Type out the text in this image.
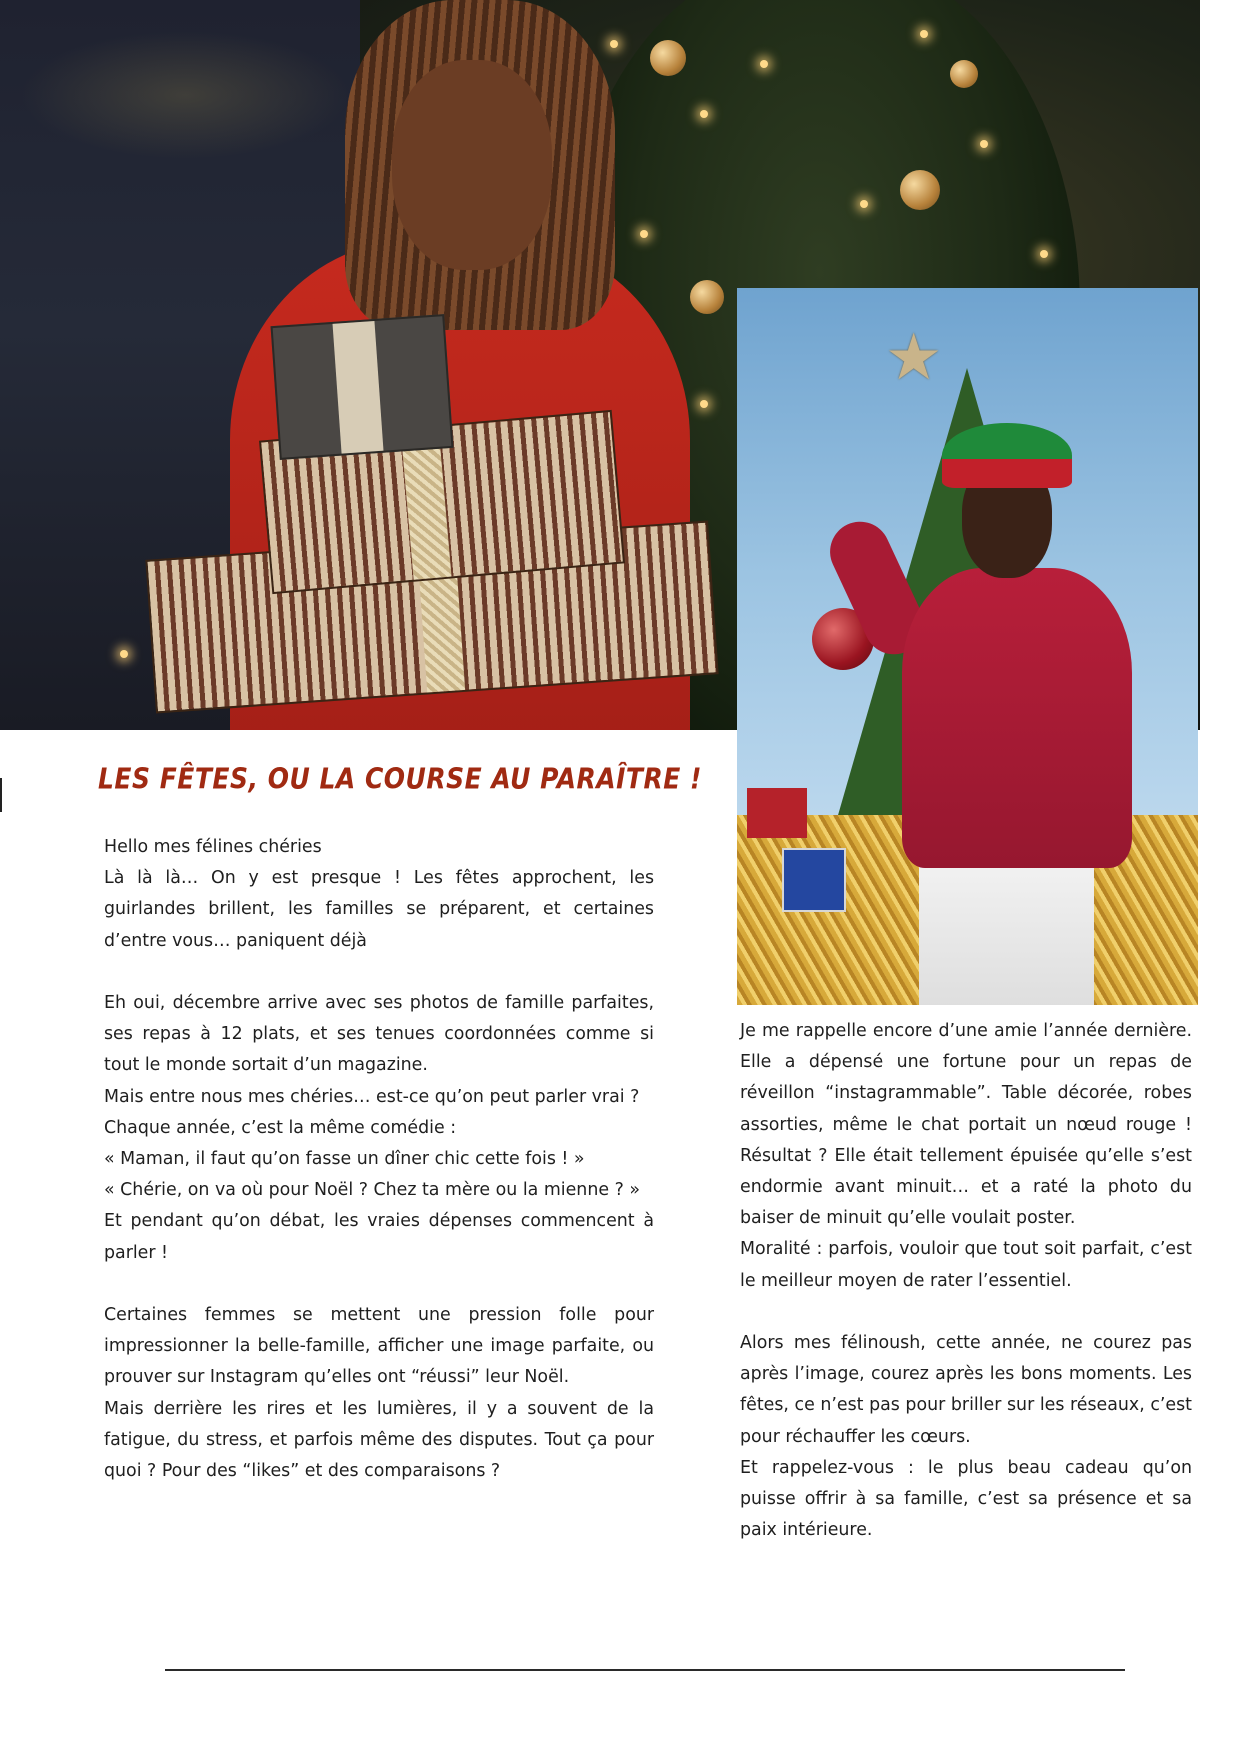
★
LES FÊTES, OU LA COURSE AU PARAÎTRE !

Hello mes félines chéries

Là là là… On y est presque ! Les fêtes approchent, les guirlandes brillent, les familles se préparent, et certaines d’entre vous… paniquent déjà

Eh oui, décembre arrive avec ses photos de famille parfaites, ses repas à 12 plats, et ses tenues coordonnées comme si tout le monde sortait d’un magazine.

Mais entre nous mes chéries… est-ce qu’on peut parler vrai ?

Chaque année, c’est la même comédie :

« Maman, il faut qu’on fasse un dîner chic cette fois ! »

« Chérie, on va où pour Noël ? Chez ta mère ou la mienne ? »

Et pendant qu’on débat, les vraies dépenses commencent à parler !

Certaines femmes se mettent une pression folle pour impressionner la belle-famille, afficher une image parfaite, ou prouver sur Instagram qu’elles ont “réussi” leur Noël.

Mais derrière les rires et les lumières, il y a souvent de la fatigue, du stress, et parfois même des disputes. Tout ça pour quoi ? Pour des “likes” et des comparaisons ?

Je me rappelle encore d’une amie l’année dernière. Elle a dépensé une fortune pour un repas de réveillon “instagrammable”. Table décorée, robes assorties, même le chat portait un nœud rouge ! Résultat ? Elle était tellement épuisée qu’elle s’est endormie avant minuit… et a raté la photo du baiser de minuit qu’elle voulait poster.

Moralité : parfois, vouloir que tout soit parfait, c’est le meilleur moyen de rater l’essentiel.

Alors mes félinoush, cette année, ne courez pas après l’image, courez après les bons moments. Les fêtes, ce n’est pas pour briller sur les réseaux, c’est pour réchauffer les cœurs.

Et rappelez-vous : le plus beau cadeau qu’on puisse offrir à sa famille, c’est sa présence et sa paix intérieure.
